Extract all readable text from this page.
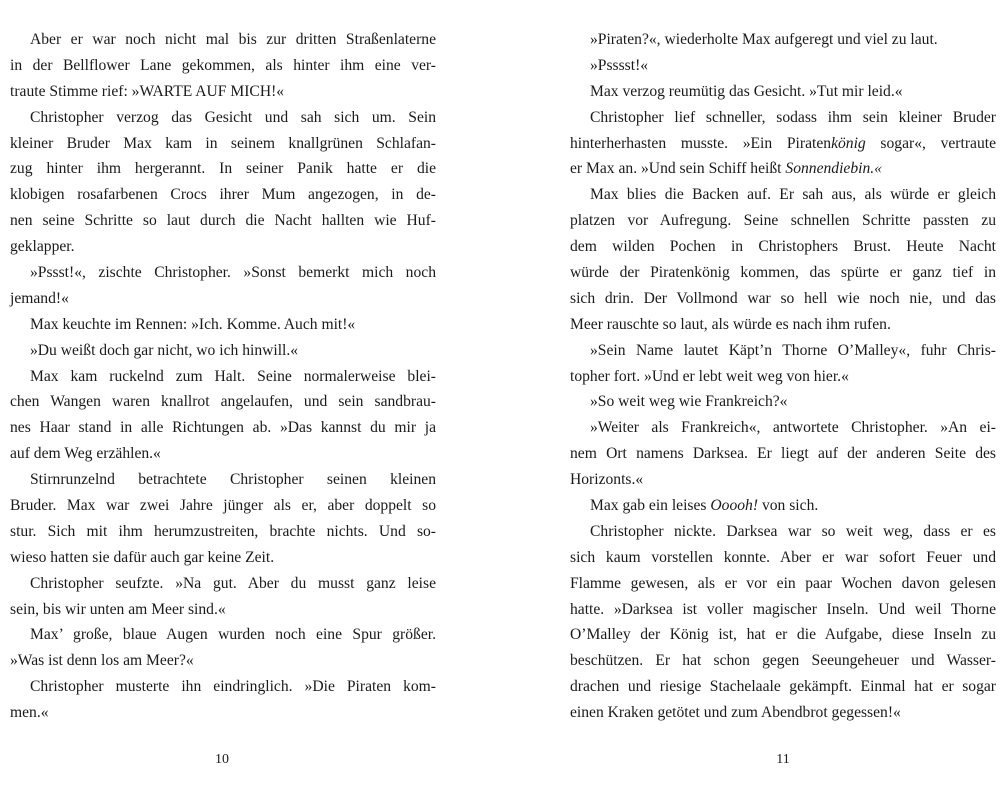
Aber er war noch nicht mal bis zur dritten Straßenlaterne
in der Bellflower Lane gekommen, als hinter ihm eine ver-
traute Stimme rief: »WARTE AUF MICH!«

Christopher verzog das Gesicht und sah sich um. Sein
kleiner Bruder Max kam in seinem knallgrünen Schlafan-
zug hinter ihm hergerannt. In seiner Panik hatte er die
klobigen rosafarbenen Crocs ihrer Mum angezogen, in de-
nen seine Schritte so laut durch die Nacht hallten wie Huf-
geklapper.

»Pssst!«, zischte Christopher. »Sonst bemerkt mich noch
jemand!«

Max keuchte im Rennen: »Ich. Komme. Auch mit!«

»Du weißt doch gar nicht, wo ich hinwill.«

Max kam ruckelnd zum Halt. Seine normalerweise blei-
chen Wangen waren knallrot angelaufen, und sein sandbrau-
nes Haar stand in alle Richtungen ab. »Das kannst du mir ja
auf dem Weg erzählen.«

Stirnrunzelnd betrachtete Christopher seinen kleinen
Bruder. Max war zwei Jahre jünger als er, aber doppelt so
stur. Sich mit ihm herumzustreiten, brachte nichts. Und so-
wieso hatten sie dafür auch gar keine Zeit.

Christopher seufzte. »Na gut. Aber du musst ganz leise
sein, bis wir unten am Meer sind.«

Max’ große, blaue Augen wurden noch eine Spur größer.
»Was ist denn los am Meer?«

Christopher musterte ihn eindringlich. »Die Piraten kom-
men.«

»Piraten?«, wiederholte Max aufgeregt und viel zu laut.

»Psssst!«

Max verzog reumütig das Gesicht. »Tut mir leid.«

Christopher lief schneller, sodass ihm sein kleiner Bruder
hinterherhasten musste. »Ein Piratenkönig sogar«, vertraute
er Max an. »Und sein Schiff heißt Sonnendiebin.«

Max blies die Backen auf. Er sah aus, als würde er gleich
platzen vor Aufregung. Seine schnellen Schritte passten zu
dem wilden Pochen in Christophers Brust. Heute Nacht
würde der Piratenkönig kommen, das spürte er ganz tief in
sich drin. Der Vollmond war so hell wie noch nie, und das
Meer rauschte so laut, als würde es nach ihm rufen.

»Sein Name lautet Käpt’n Thorne O’Malley«, fuhr Chris-
topher fort. »Und er lebt weit weg von hier.«

»So weit weg wie Frankreich?«

»Weiter als Frankreich«, antwortete Christopher. »An ei-
nem Ort namens Darksea. Er liegt auf der anderen Seite des
Horizonts.«

Max gab ein leises Ooooh! von sich.

Christopher nickte. Darksea war so weit weg, dass er es
sich kaum vorstellen konnte. Aber er war sofort Feuer und
Flamme gewesen, als er vor ein paar Wochen davon gelesen
hatte. »Darksea ist voller magischer Inseln. Und weil Thorne
O’Malley der König ist, hat er die Aufgabe, diese Inseln zu
beschützen. Er hat schon gegen Seeungeheuer und Wasser-
drachen und riesige Stachelaale gekämpft. Einmal hat er sogar
einen Kraken getötet und zum Abendbrot gegessen!«

10	11
